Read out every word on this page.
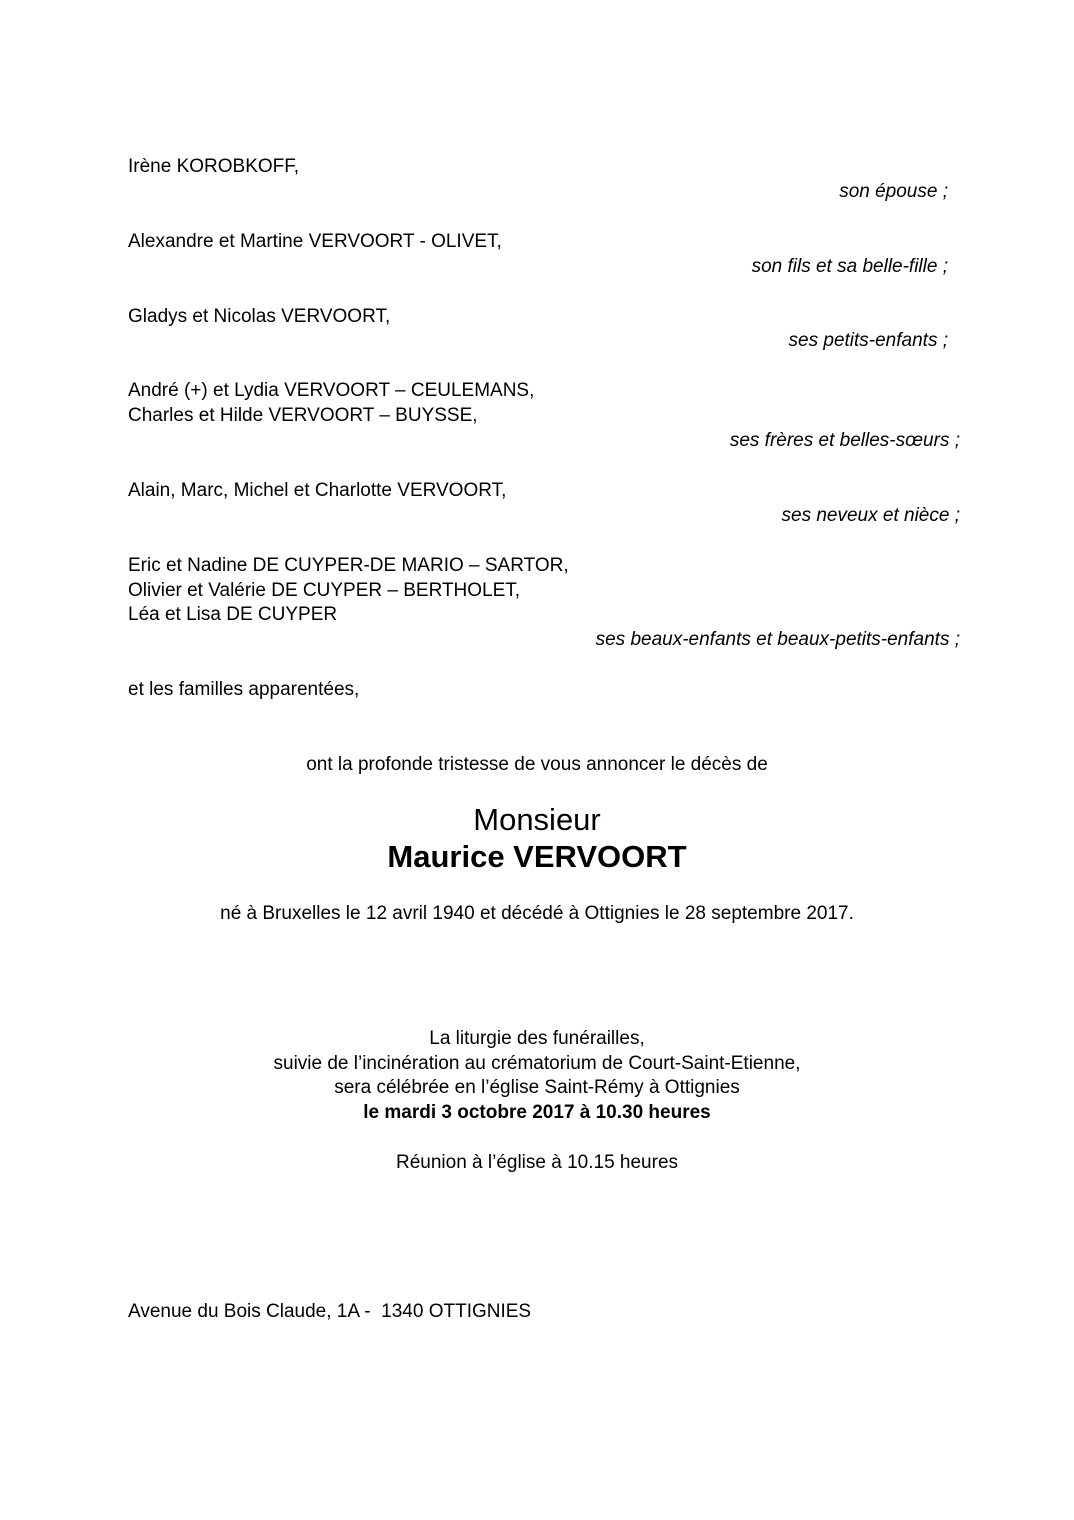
Irène KOROBKOFF,

son épouse ;

Alexandre et Martine VERVOORT - OLIVET,

son fils et sa belle-fille ;

Gladys et Nicolas VERVOORT,

ses petits-enfants ;

André (+) et Lydia VERVOORT – CEULEMANS,

Charles et Hilde VERVOORT – BUYSSE,

ses frères et belles-sœurs ;

Alain, Marc, Michel et Charlotte VERVOORT,

ses neveux et nièce ;

Eric et Nadine DE CUYPER-DE MARIO – SARTOR,

Olivier et Valérie DE CUYPER – BERTHOLET,

Léa et Lisa DE CUYPER

ses beaux-enfants et beaux-petits-enfants ;

et les familles apparentées,

ont la profonde tristesse de vous annoncer le décès de

Monsieur

Maurice VERVOORT

né à Bruxelles le 12 avril 1940 et décédé à Ottignies le 28 septembre 2017.

La liturgie des funérailles,

suivie de l’incinération au crématorium de Court-Saint-Etienne,

sera célébrée en l’église Saint-Rémy à Ottignies

le mardi 3 octobre 2017 à 10.30 heures

Réunion à l’église à 10.15 heures

Avenue du Bois Claude, 1A -  1340 OTTIGNIES
